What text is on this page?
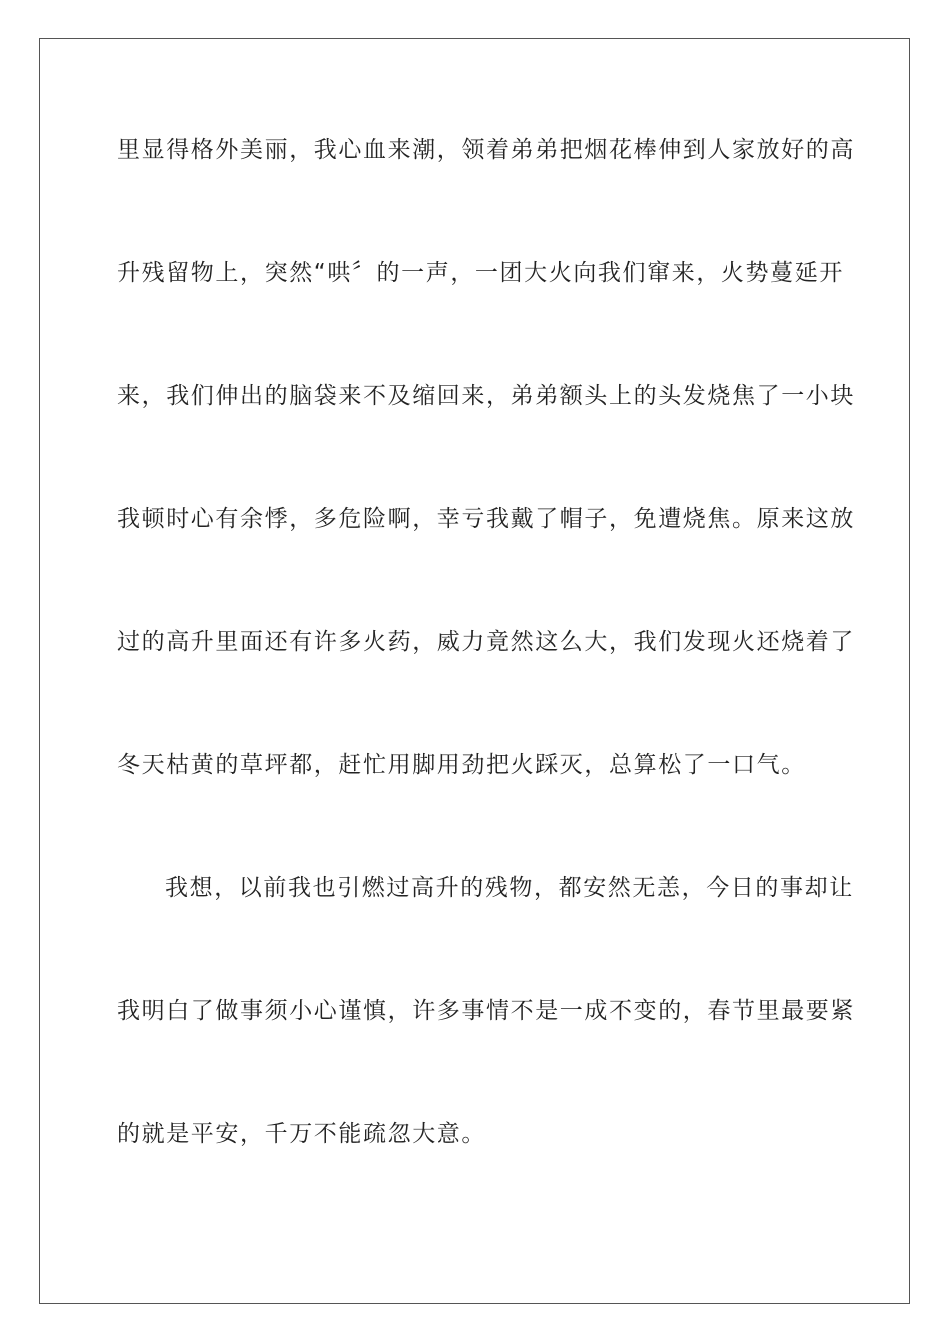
里显得格外美丽，我心血来潮，领着弟弟把烟花棒伸到人家放好的高
升残留物上，突然“哄〞的一声，一团大火向我们窜来，火势蔓延开
来，我们伸出的脑袋来不及缩回来，弟弟额头上的头发烧焦了一小块
我顿时心有余悸，多危险啊，幸亏我戴了帽子，免遭烧焦。原来这放
过的高升里面还有许多火药，威力竟然这么大，我们发现火还烧着了
冬天枯黄的草坪都，赶忙用脚用劲把火踩灭，总算松了一口气。
我想，以前我也引燃过高升的残物，都安然无恙，今日的事却让
我明白了做事须小心谨慎，许多事情不是一成不变的，春节里最要紧
的就是平安，千万不能疏忽大意。
